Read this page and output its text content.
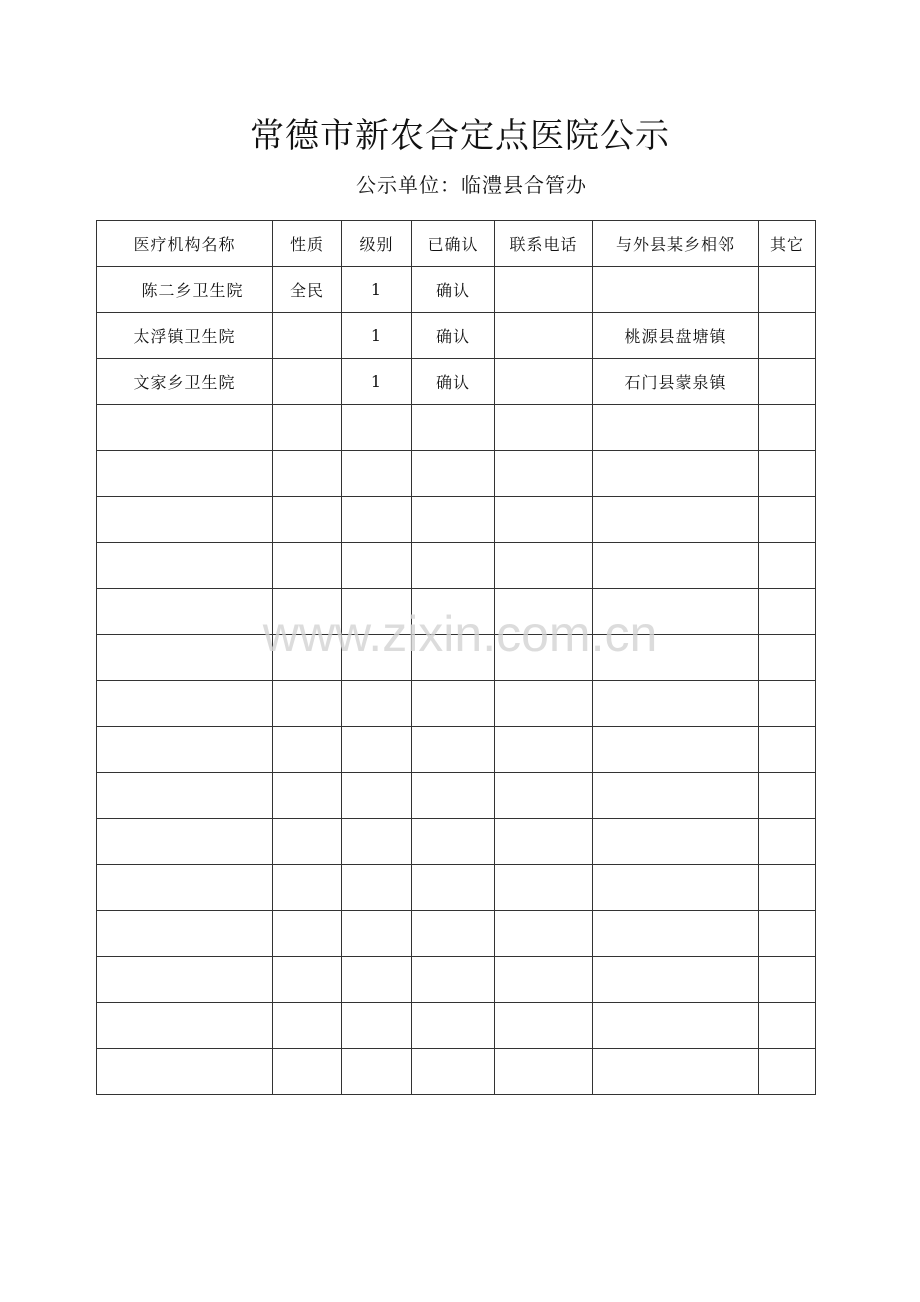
常德市新农合定点医院公示
公示单位：临澧县合管办
医疗机构名称	性质	级别	已确认	联系电话	与外县某乡相邻	其它
陈二乡卫生院	全民	1	确认			
太浮镇卫生院		1	确认		桃源县盘塘镇	
文家乡卫生院		1	确认		石门县蒙泉镇	

www.zixin.com.cn
